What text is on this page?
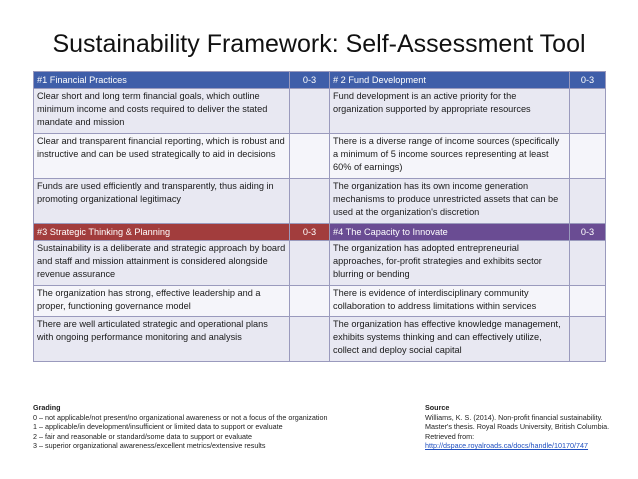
Sustainability Framework: Self-Assessment Tool
#1 Financial Practices	0-3	# 2 Fund Development	0-3
Clear short and long term financial goals, which outline minimum income and costs required to deliver the stated mandate and mission		Fund development is an active priority for the organization supported by appropriate resources	
Clear and transparent financial reporting, which is robust and instructive and can be used strategically to aid in decisions		There is a diverse range of income sources (specifically a minimum of 5 income sources representing at least 60% of earnings)	
Funds are used efficiently and transparently, thus aiding in promoting organizational legitimacy		The organization has its own income generation mechanisms to produce unrestricted assets that can be used at the organization's discretion	
#3 Strategic Thinking & Planning	0-3	#4 The Capacity to Innovate	0-3
Sustainability is a deliberate and strategic approach by board and staff and mission attainment is considered alongside revenue assurance		The organization has adopted entrepreneurial approaches, for-profit strategies and exhibits sector blurring or bending	
The organization has strong, effective leadership and a proper, functioning governance model		There is evidence of interdisciplinary community collaboration to address limitations within services	
There are well articulated strategic and operational plans with ongoing performance monitoring and analysis		The organization has effective knowledge management, exhibits systems thinking and can effectively utilize, collect and deploy social capital	
Grading
0 – not applicable/not present/no organizational awareness or not a focus of the organization
1 – applicable/in development/insufficient or limited data to support or evaluate
2 – fair and reasonable or standard/some data to support or evaluate
3 – superior organizational awareness/excellent metrics/extensive results
Source
Williams, K. S. (2014). Non-profit financial sustainability. Master's thesis. Royal Roads University, British Columbia. Retrieved from:
http://dspace.royalroads.ca/docs/handle/10170/747
